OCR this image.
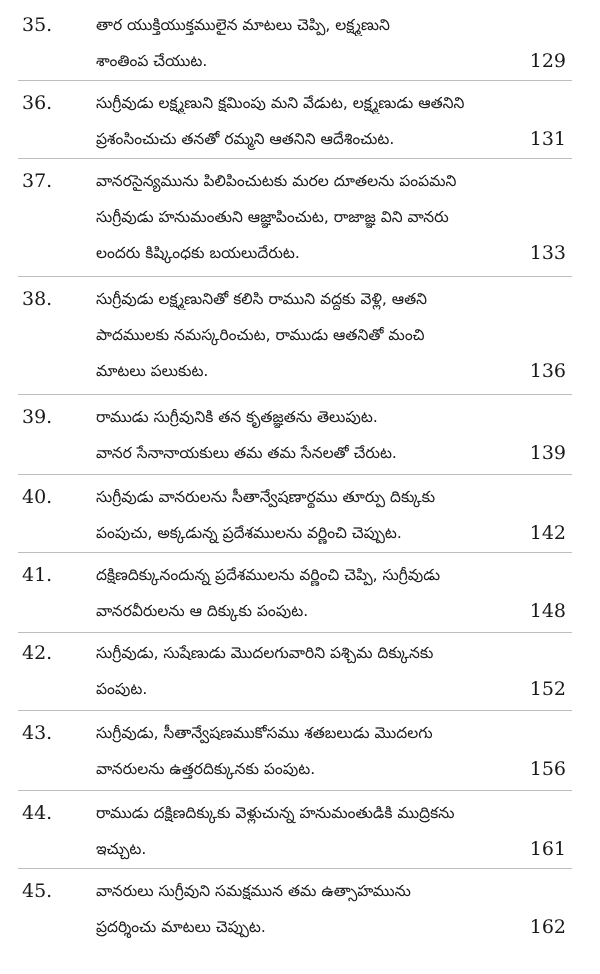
35.	తార యుక్తియుక్తములైన మాటలు చెప్పి, లక్ష్మణుని
శాంతింప చేయుట.	129
36.	సుగ్రీవుడు లక్ష్మణుని క్షమింపు మని వేడుట, లక్ష్మణుడు ఆతనిని
ప్రశంసించుచు తనతో రమ్మని ఆతనిని ఆదేశించుట.	131
37.	వానరసైన్యమును పిలిపించుటకు మరల దూతలను పంపమని
సుగ్రీవుడు హనుమంతుని ఆజ్ఞాపించుట, రాజాజ్ఞ విని వానరు
లందరు కిష్కింధకు బయలుదేరుట.	133
38.	సుగ్రీవుడు లక్ష్మణునితో కలిసి రాముని వద్దకు వెళ్లి, ఆతని
పాదములకు నమస్కరించుట, రాముడు ఆతనితో మంచి
మాటలు పలుకుట.	136
39.	రాముడు సుగ్రీవునికి తన కృతజ్ఞతను తెలుపుట.
వానర సేనానాయకులు తమ తమ సేనలతో చేరుట.	139
40.	సుగ్రీవుడు వానరులను సీతాన్వేషణార్థము తూర్పు దిక్కుకు
పంపుచు, అక్కడున్న ప్రదేశములను వర్ణించి చెప్పుట.	142
41.	దక్షిణదిక్కునందున్న ప్రదేశములను వర్ణించి చెప్పి, సుగ్రీవుడు
వానరవీరులను ఆ దిక్కుకు పంపుట.	148
42.	సుగ్రీవుడు, సుషేణుడు మొదలగువారిని పశ్చిమ దిక్కునకు
పంపుట.	152
43.	సుగ్రీవుడు, సీతాన్వేషణముకోసము శతబలుడు మొదలగు
వానరులను ఉత్తరదిక్కునకు పంపుట.	156
44.	రాముడు దక్షిణదిక్కుకు వెళ్లుచున్న హనుమంతుడికి ముద్రికను
ఇచ్చుట.	161
45.	వానరులు సుగ్రీవుని సమక్షమున తమ ఉత్సాహమును
ప్రదర్శించు మాటలు చెప్పుట.	162
